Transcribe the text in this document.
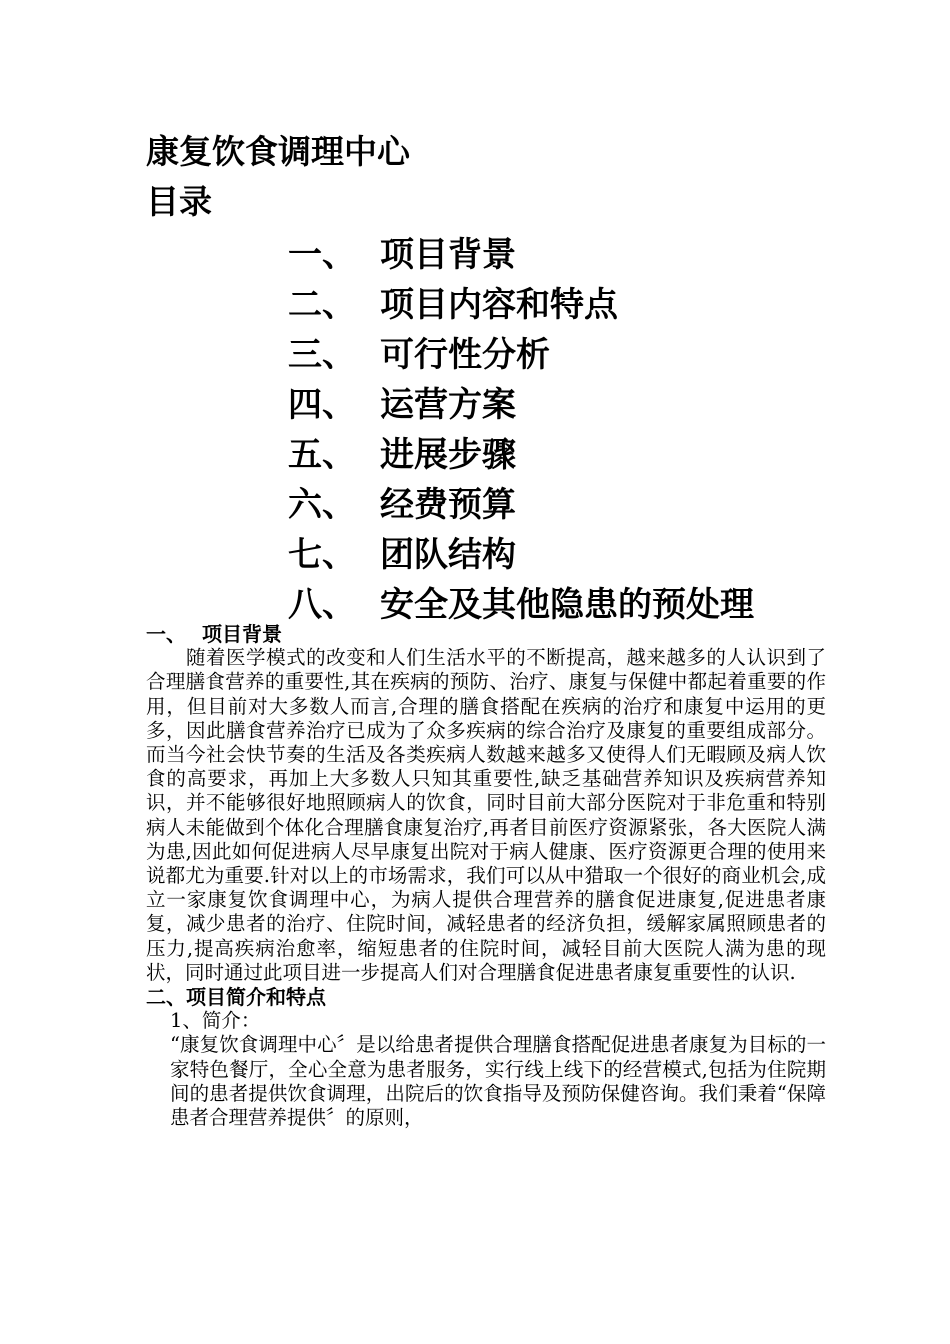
康复饮食调理中心
目录
一、 项目背景
二、 项目内容和特点
三、 可行性分析
四、 运营方案
五、 进展步骤
六、 经费预算
七、 团队结构
八、 安全及其他隐患的预处理
一、 项目背景

随着医学模式的改变和人们生活水平的不断提高，越来越多的人认识到了合理膳食营养的重要性,其在疾病的预防、治疗、康复与保健中都起着重要的作用，但目前对大多数人而言,合理的膳食搭配在疾病的治疗和康复中运用的更多，因此膳食营养治疗已成为了众多疾病的综合治疗及康复的重要组成部分。而当今社会快节奏的生活及各类疾病人数越来越多又使得人们无暇顾及病人饮食的高要求，再加上大多数人只知其重要性,缺乏基础营养知识及疾病营养知识，并不能够很好地照顾病人的饮食，同时目前大部分医院对于非危重和特别病人未能做到个体化合理膳食康复治疗,再者目前医疗资源紧张，各大医院人满为患,因此如何促进病人尽早康复出院对于病人健康、医疗资源更合理的使用来说都尤为重要.针对以上的市场需求，我们可以从中猎取一个很好的商业机会,成立一家康复饮食调理中心，为病人提供合理营养的膳食促进康复,促进患者康复，减少患者的治疗、住院时间，减轻患者的经济负担，缓解家属照顾患者的压力,提高疾病治愈率，缩短患者的住院时间，减轻目前大医院人满为患的现状，同时通过此项目进一步提高人们对合理膳食促进患者康复重要性的认识.

二、项目简介和特点

1、简介：

“康复饮食调理中心〞是以给患者提供合理膳食搭配促进患者康复为目标的一家特色餐厅，全心全意为患者服务，实行线上线下的经营模式,包括为住院期间的患者提供饮食调理，出院后的饮食指导及预防保健咨询。我们秉着“保障患者合理营养提供〞的原则，
